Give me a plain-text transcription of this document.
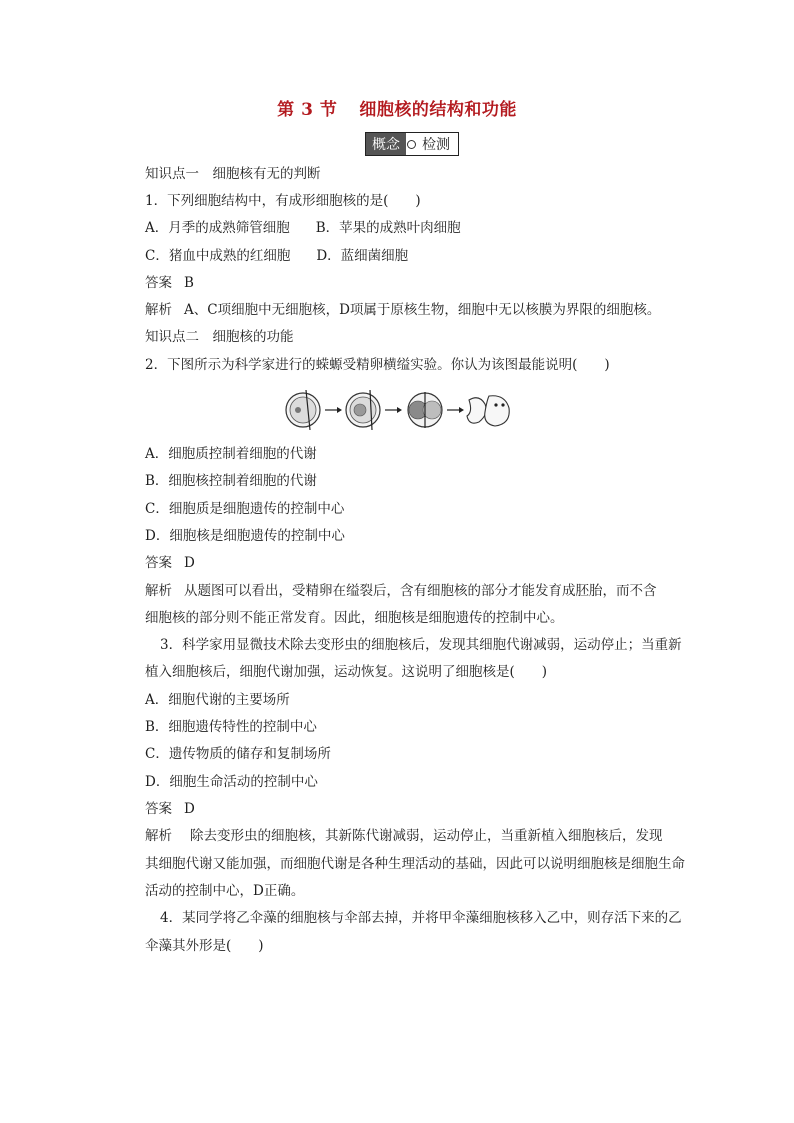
第 3 节 细胞核的结构和功能
概念	检测
知识点一　细胞核有无的判断
1．下列细胞结构中，有成形细胞核的是(　　)
A．月季的成熟筛管细胞 B．苹果的成熟叶肉细胞
C．猪血中成熟的红细胞 D．蓝细菌细胞
答案 B
解析 A、C项细胞中无细胞核，D项属于原核生物，细胞中无以核膜为界限的细胞核。
知识点二　细胞核的功能
2．下图所示为科学家进行的蝾螈受精卵横缢实验。你认为该图最能说明(　　)
A．细胞质控制着细胞的代谢
B．细胞核控制着细胞的代谢
C．细胞质是细胞遗传的控制中心
D．细胞核是细胞遗传的控制中心
答案 D
解析 从题图可以看出，受精卵在缢裂后，含有细胞核的部分才能发育成胚胎，而不含
细胞核的部分则不能正常发育。因此，细胞核是细胞遗传的控制中心。
3．科学家用显微技术除去变形虫的细胞核后，发现其细胞代谢减弱，运动停止；当重新
植入细胞核后，细胞代谢加强，运动恢复。这说明了细胞核是(　　)
A．细胞代谢的主要场所
B．细胞遗传特性的控制中心
C．遗传物质的储存和复制场所
D．细胞生命活动的控制中心
答案 D
解析 除去变形虫的细胞核，其新陈代谢减弱，运动停止，当重新植入细胞核后，发现
其细胞代谢又能加强，而细胞代谢是各种生理活动的基础，因此可以说明细胞核是细胞生命
活动的控制中心，D正确。
4．某同学将乙伞藻的细胞核与伞部去掉，并将甲伞藻细胞核移入乙中，则存活下来的乙
伞藻其外形是(　　)
